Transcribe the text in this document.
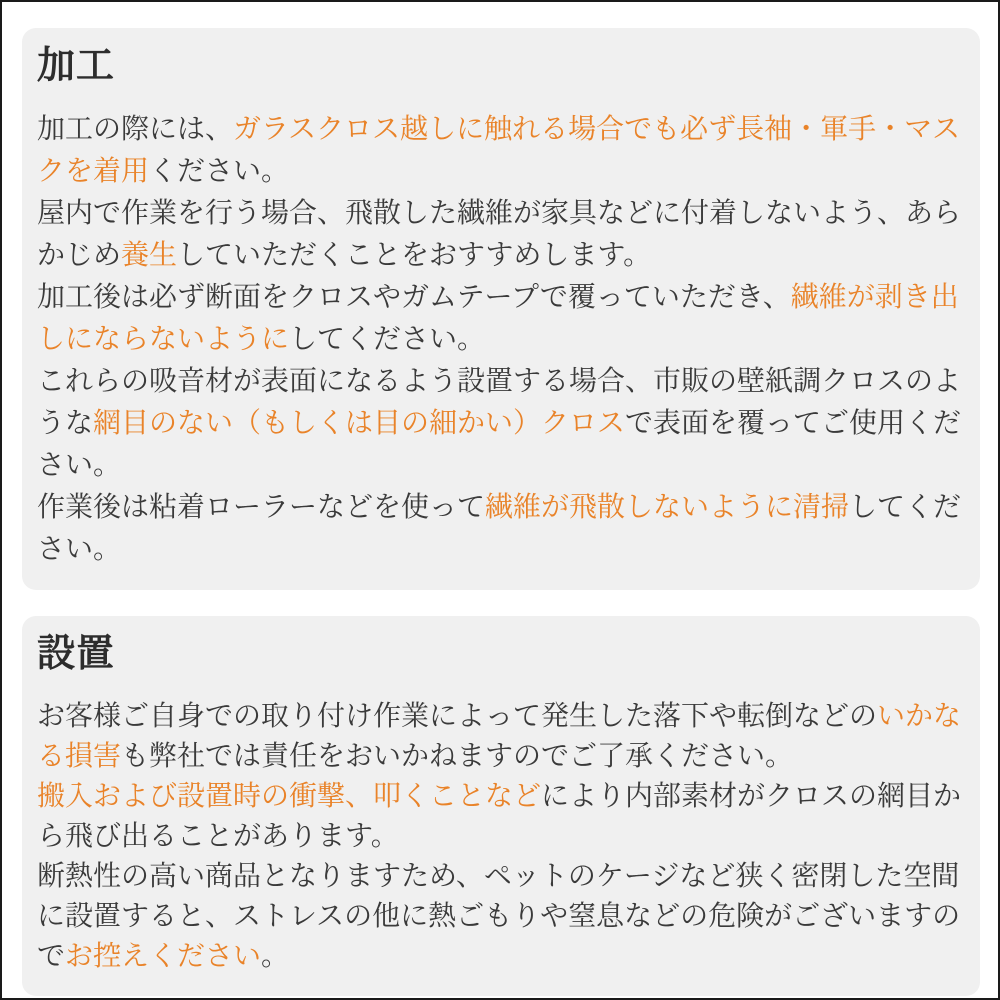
加工

加工の際には、ガラスクロス越しに触れる場合でも必ず長袖・軍手・マスクを着用ください。

屋内で作業を行う場合、飛散した繊維が家具などに付着しないよう、あらかじめ養生していただくことをおすすめします。

加工後は必ず断面をクロスやガムテープで覆っていただき、繊維が剥き出しにならないようにしてください。

これらの吸音材が表面になるよう設置する場合、市販の壁紙調クロスのような網目のない（もしくは目の細かい）クロスで表面を覆ってご使用ください。

作業後は粘着ローラーなどを使って繊維が飛散しないように清掃してください。

設置

お客様ご自身での取り付け作業によって発生した落下や転倒などのいかなる損害も弊社では責任をおいかねますのでご了承ください。

搬入および設置時の衝撃、叩くことなどにより内部素材がクロスの網目から飛び出ることがあります。

断熱性の高い商品となりますため、ペットのケージなど狭く密閉した空間に設置すると、ストレスの他に熱ごもりや窒息などの危険がございますのでお控えください。
